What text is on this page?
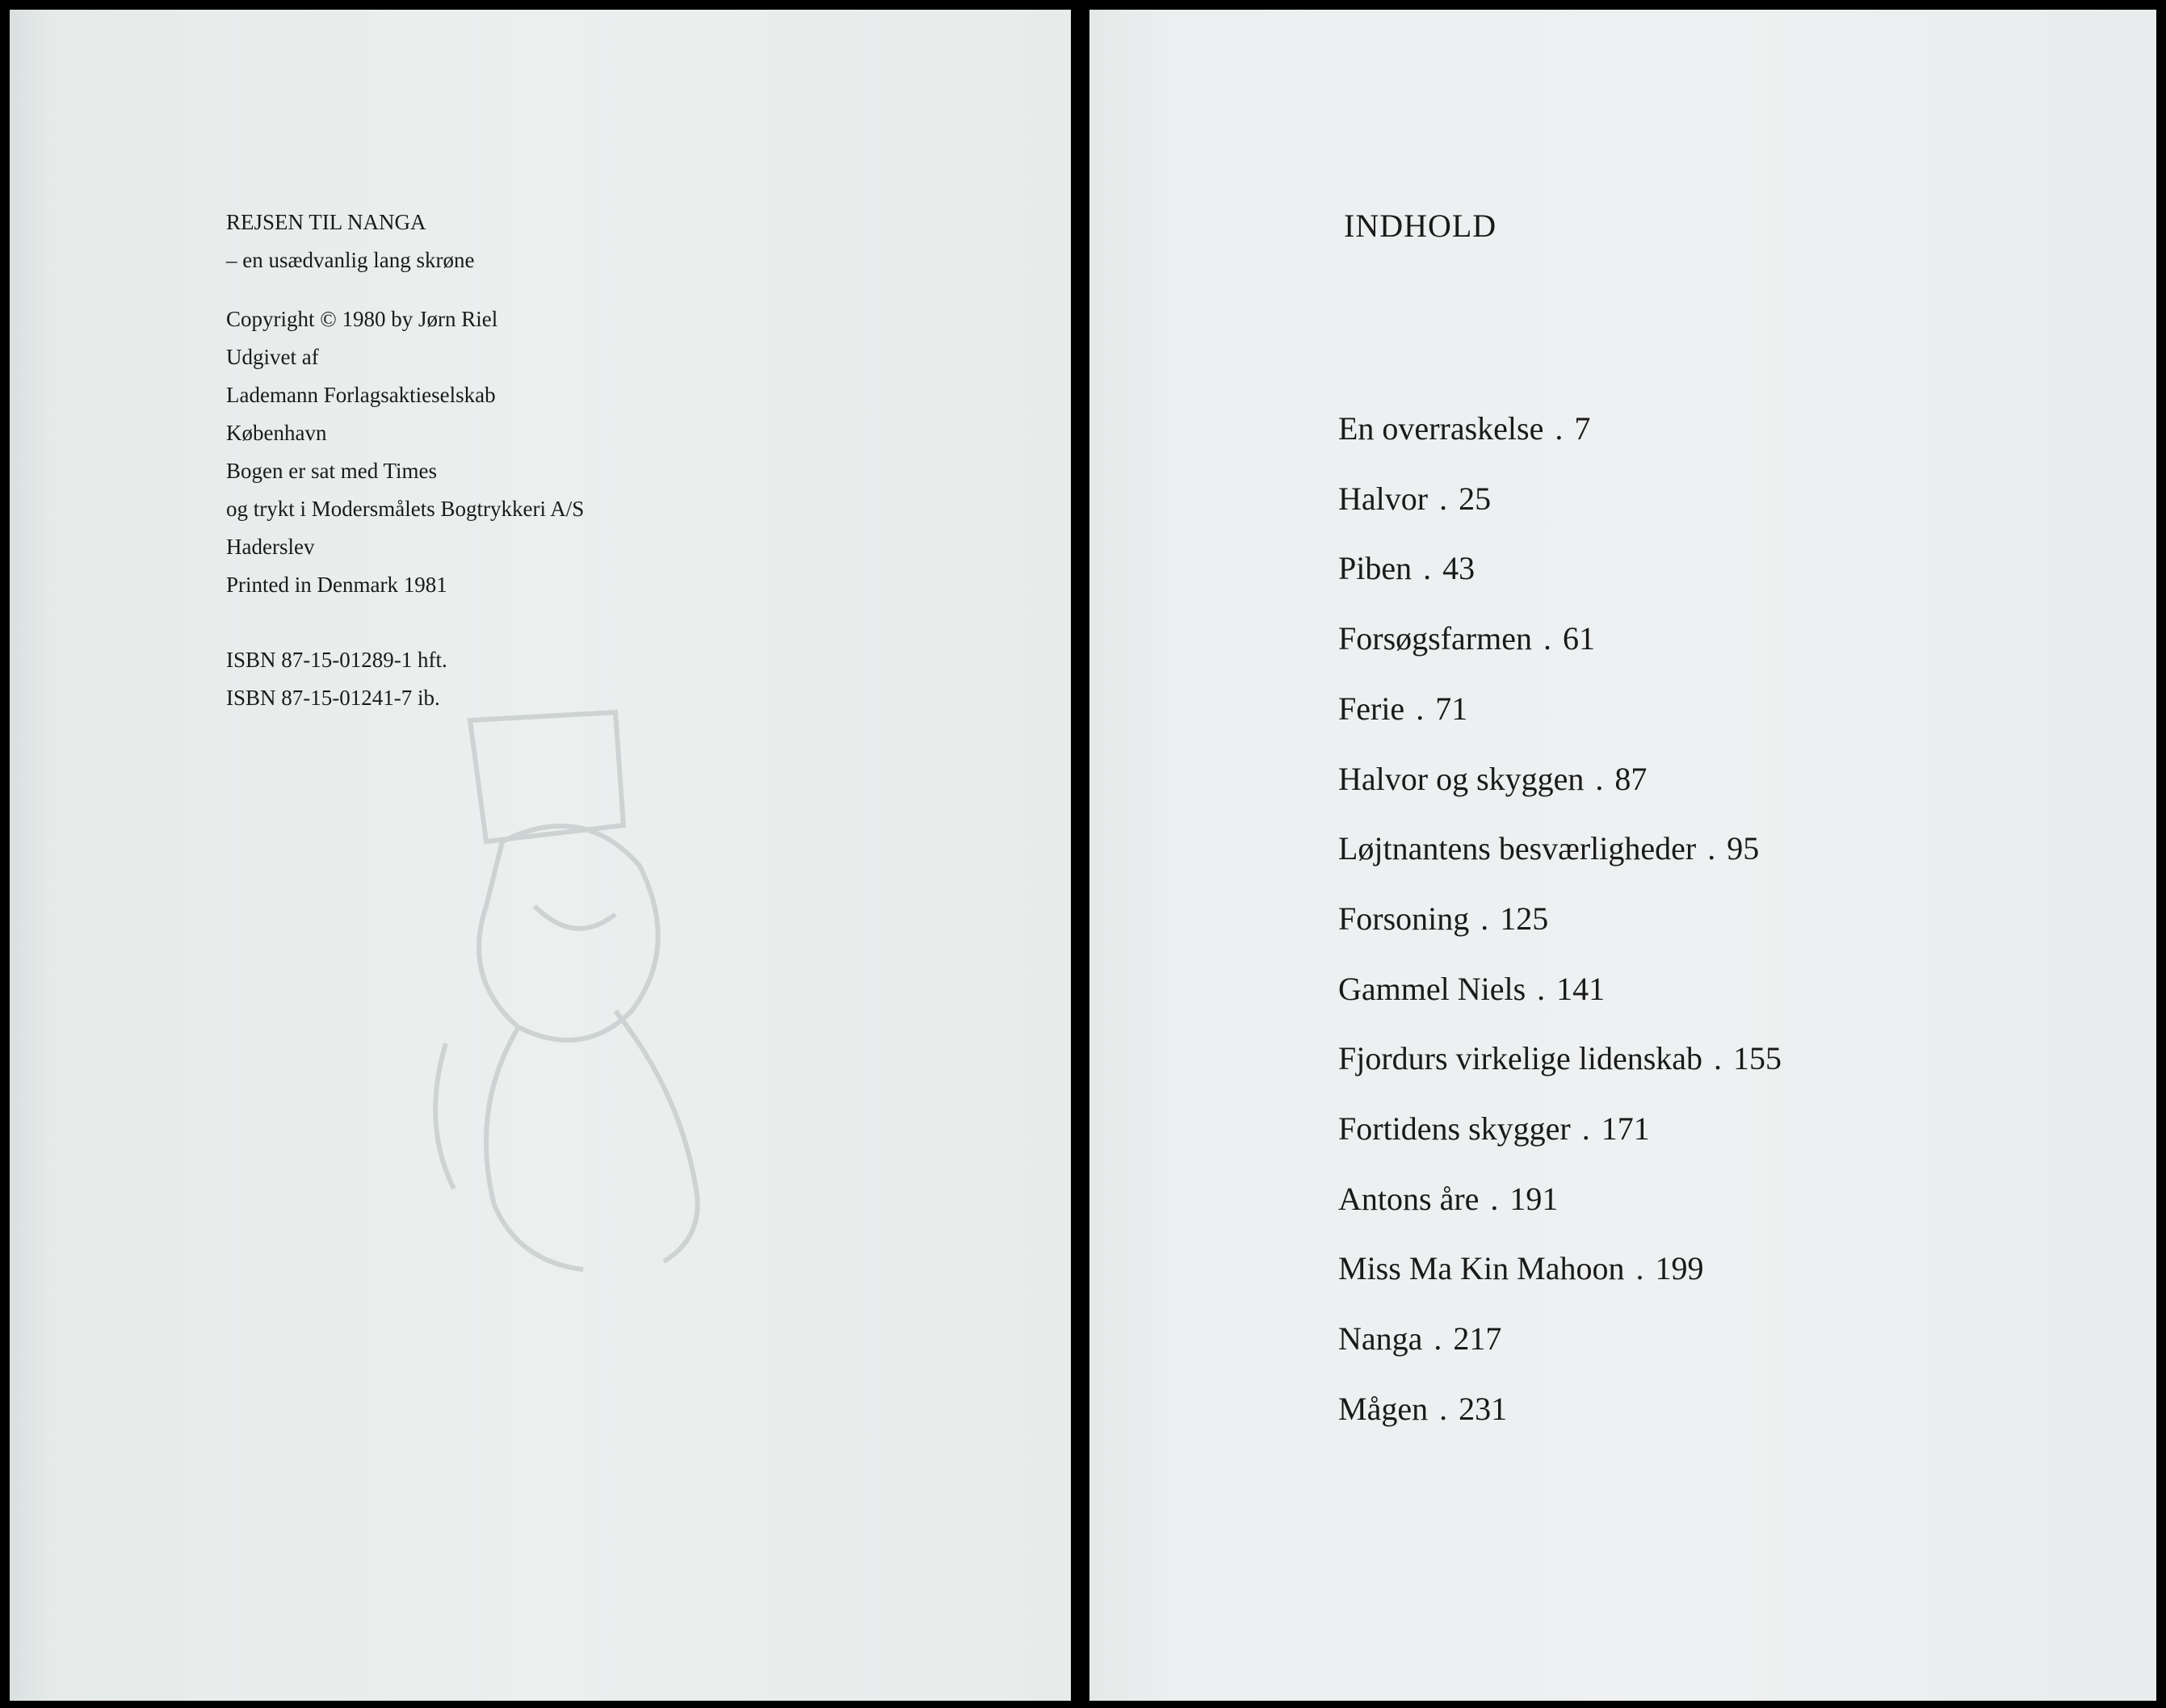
REJSEN TIL NANGA
– en usædvanlig lang skrøne
Copyright © 1980 by Jørn Riel
Udgivet af
Lademann Forlagsaktieselskab
København
Bogen er sat med Times
og trykt i Modersmålets Bogtrykkeri A/S
Haderslev
Printed in Denmark 1981
ISBN 87-15-01289-1 hft.
ISBN 87-15-01241-7 ib.
INDHOLD
En overraskelse . 7
Halvor . 25
Piben . 43
Forsøgsfarmen . 61
Ferie . 71
Halvor og skyggen . 87
Løjtnantens besværligheder . 95
Forsoning . 125
Gammel Niels . 141
Fjordurs virkelige lidenskab . 155
Fortidens skygger . 171
Antons åre . 191
Miss Ma Kin Mahoon . 199
Nanga . 217
Mågen . 231
